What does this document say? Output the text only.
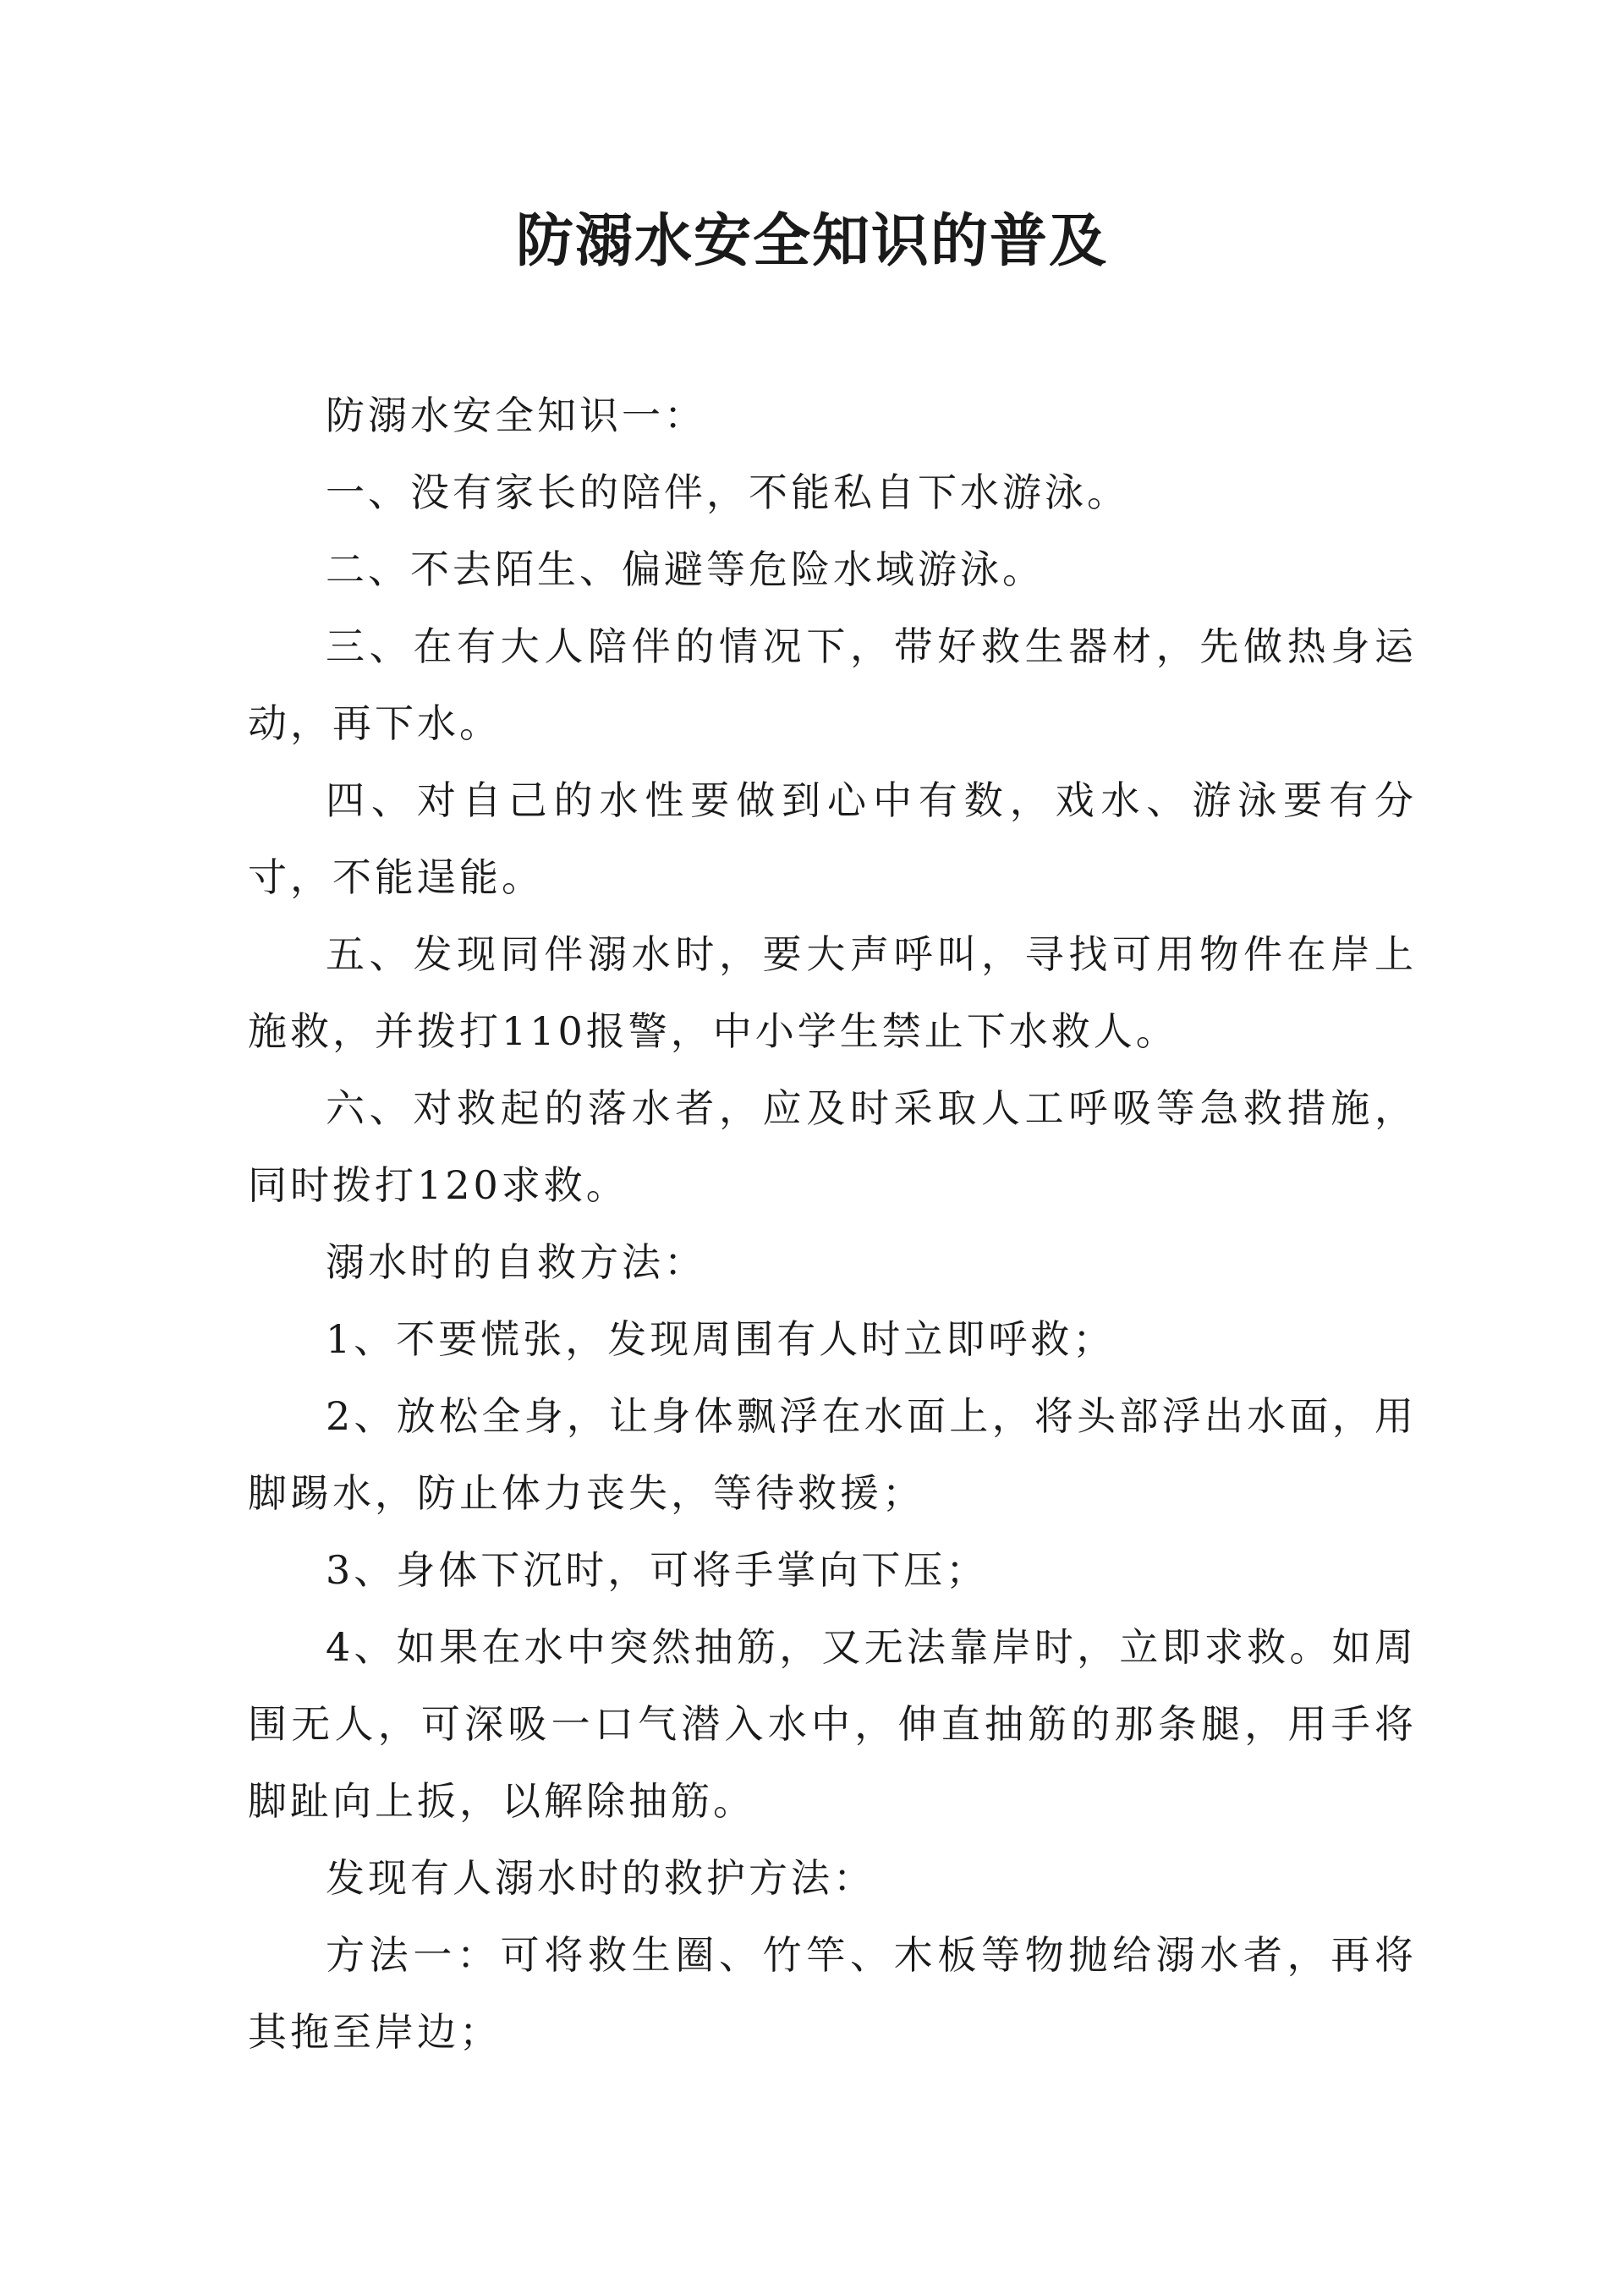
防溺水安全知识的普及

防溺水安全知识一：

一、没有家长的陪伴，不能私自下水游泳。

二、不去陌生、偏避等危险水域游泳。

三、在有大人陪伴的情况下，带好救生器材，先做热身运动，再下水。

四、对自己的水性要做到心中有数，戏水、游泳要有分寸，不能逞能。

五、发现同伴溺水时，要大声呼叫，寻找可用物件在岸上施救，并拨打110报警，中小学生禁止下水救人。

六、对救起的落水者，应及时采取人工呼吸等急救措施，同时拨打120求救。

溺水时的自救方法：

1、不要慌张，发现周围有人时立即呼救；

2、放松全身，让身体飘浮在水面上，将头部浮出水面，用脚踢水，防止体力丧失，等待救援；

3、身体下沉时，可将手掌向下压；

4、如果在水中突然抽筋，又无法靠岸时，立即求救。如周围无人，可深吸一口气潜入水中，伸直抽筋的那条腿，用手将脚趾向上扳，以解除抽筋。

发现有人溺水时的救护方法：

方法一：可将救生圈、竹竿、木板等物抛给溺水者，再将其拖至岸边；
